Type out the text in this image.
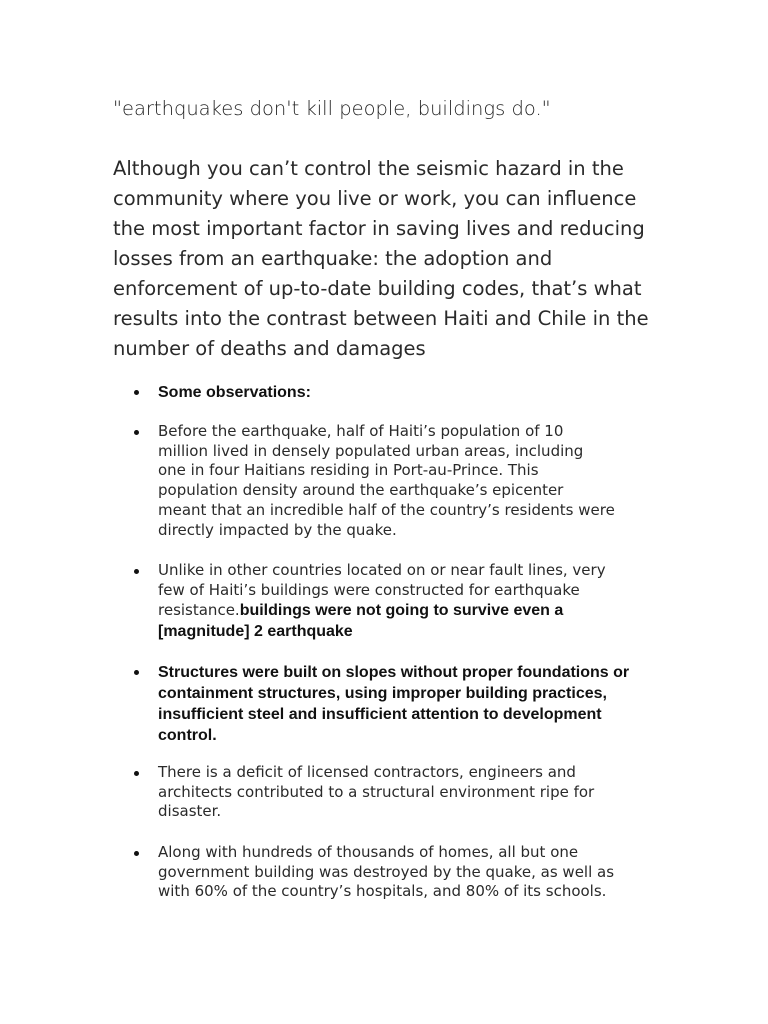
"earthquakes don't kill people, buildings do."

Although you can’t control the seismic hazard in the
community where you live or work, you can influence
the most important factor in saving lives and reducing
losses from an earthquake: the adoption and
enforcement of up-to-date building codes, that’s what
results into the contrast between Haiti and Chile in the
number of deaths and damages

Some observations:
Before the earthquake, half of Haiti’s population of 10
million lived in densely populated urban areas, including
one in four Haitians residing in Port-au-Prince. This
population density around the earthquake’s epicenter
meant that an incredible half of the country’s residents were
directly impacted by the quake.
Unlike in other countries located on or near fault lines, very
few of Haiti’s buildings were constructed for earthquake
resistance.buildings were not going to survive even a
[magnitude] 2 earthquake
Structures were built on slopes without proper foundations or
containment structures, using improper building practices,
insufficient steel and insufficient attention to development
control.
There is a deficit of licensed contractors, engineers and
architects contributed to a structural environment ripe for
disaster.
Along with hundreds of thousands of homes, all but one
government building was destroyed by the quake, as well as
with 60% of the country’s hospitals, and 80% of its schools.
